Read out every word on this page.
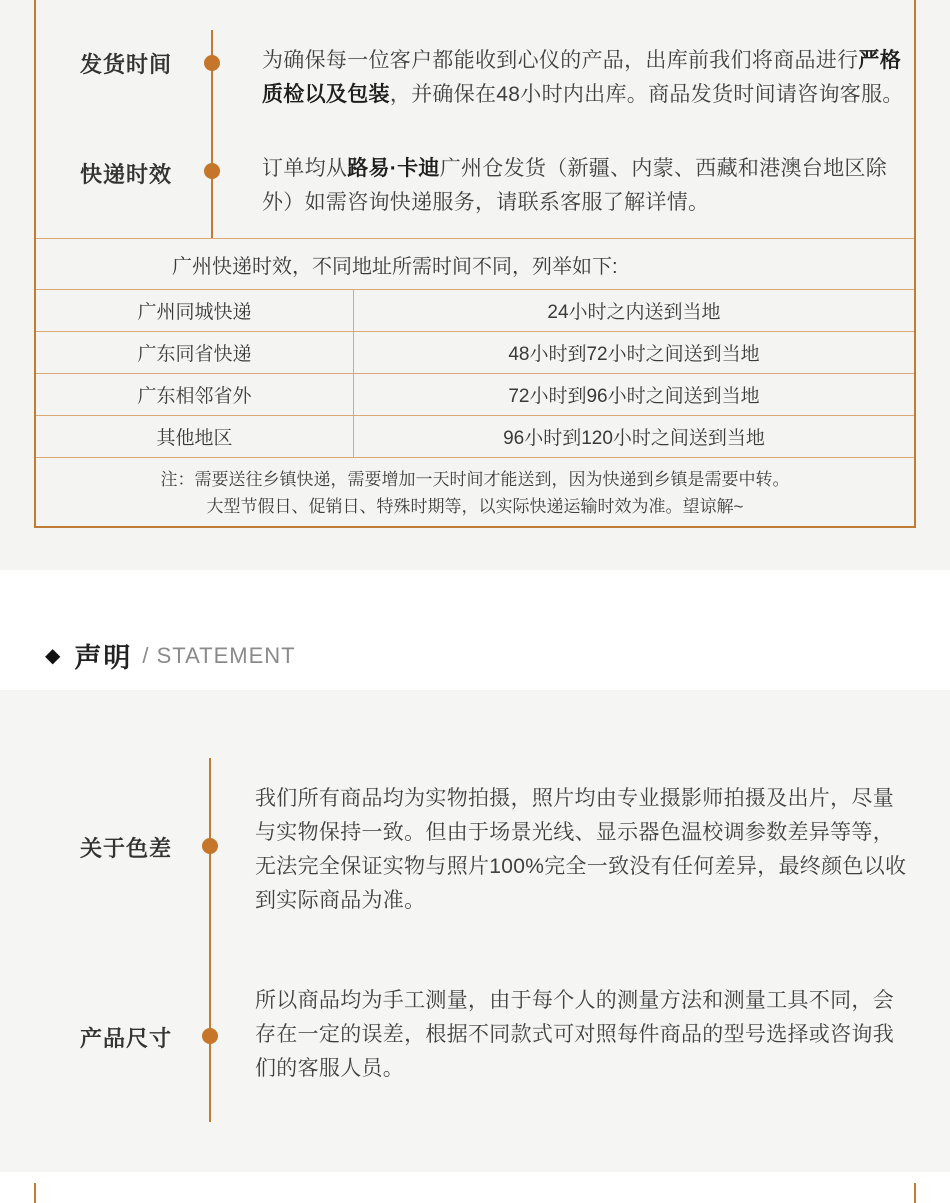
发货时间	为确保每一位客户都能收到心仪的产品，出库前我们将商品进行严格质检以及包装，并确保在48小时内出库。商品发货时间请咨询客服。
快递时效	订单均从路易·卡迪广州仓发货（新疆、内蒙、西藏和港澳台地区除外）如需咨询快递服务，请联系客服了解详情。
广州快递时效，不同地址所需时间不同，列举如下:
广州同城快递	24小时之内送到当地
广东同省快递	48小时到72小时之间送到当地
广东相邻省外	72小时到96小时之间送到当地
其他地区	96小时到120小时之间送到当地
注：需要送往乡镇快递，需要增加一天时间才能送到，因为快递到乡镇是需要中转。
大型节假日、促销日、特殊时期等，以实际快递运输时效为准。望谅解~
◆ 声明 / STATEMENT
关于色差
我们所有商品均为实物拍摄，照片均由专业摄影师拍摄及出片，尽量与实物保持一致。但由于场景光线、显示器色温校调参数差异等等，无法完全保证实物与照片100%完全一致没有任何差异，最终颜色以收到实际商品为准。
产品尺寸
所以商品均为手工测量，由于每个人的测量方法和测量工具不同，会存在一定的误差，根据不同款式可对照每件商品的型号选择或咨询我们的客服人员。
